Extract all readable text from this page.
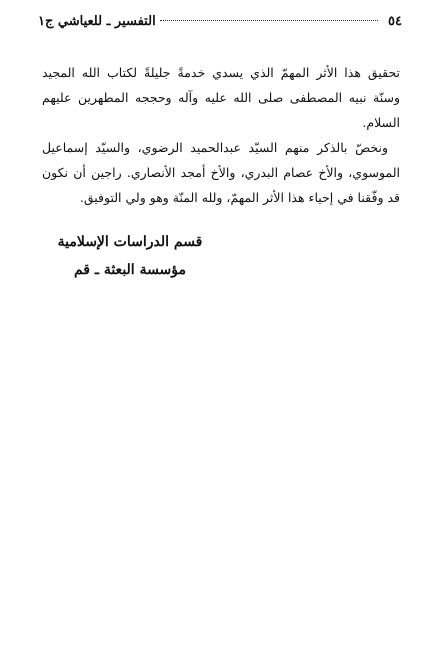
٥٤
التفسير ـ للعياشي ج١

تحقيق هذا الأثر المهمّ الذي يسدي خدمةً جليلةً لكتاب الله المجيد وسنّة نبيه المصطفى صلى الله عليه وآله وحججه المطهرين عليهم السلام.

ونخصّ بالذكر منهم السيّد عبدالحميد الرضوي، والسيّد إسماعيل الموسوي، والأخ عصام البدري، والأخ أمجد الأنصاري. راجين أن نكون قد وفّقنا في إحياء هذا الأثر المهمّ، ولله المنّة وهو ولي التوفيق.

قسم الدراسات الإسلامية
مؤسسة البعثة ـ قم
